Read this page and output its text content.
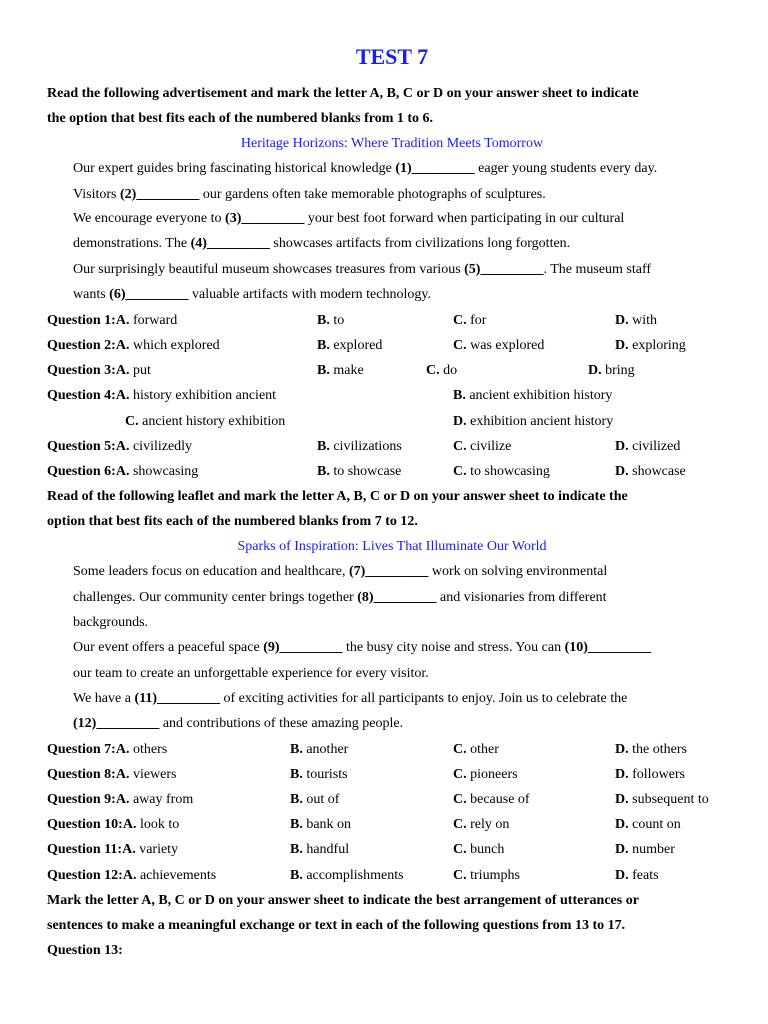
TEST 7
Read the following advertisement and mark the letter A, B, C or D on your answer sheet to indicate
the option that best fits each of the numbered blanks from 1 to 6.
Heritage Horizons: Where Tradition Meets Tomorrow
Our expert guides bring fascinating historical knowledge (1)_________ eager young students every day.
Visitors (2)_________ our gardens often take memorable photographs of sculptures.
We encourage everyone to (3)_________ your best foot forward when participating in our cultural
demonstrations. The (4)_________ showcases artifacts from civilizations long forgotten.
Our surprisingly beautiful museum showcases treasures from various (5)_________. The museum staff
wants (6)_________ valuable artifacts with modern technology.
Question 1:A. forward	B. to	C. for	D. with
Question 2:A. which explored	B. explored	C. was explored	D. exploring
Question 3:A. put	B. make	C. do	D. bring
Question 4:A. history exhibition ancient	B. ancient exhibition history
C. ancient history exhibition	D. exhibition ancient history
Question 5:A. civilizedly	B. civilizations	C. civilize	D. civilized
Question 6:A. showcasing	B. to showcase	C. to showcasing	D. showcase
Read of the following leaflet and mark the letter A, B, C or D on your answer sheet to indicate the
option that best fits each of the numbered blanks from 7 to 12.
Sparks of Inspiration: Lives That Illuminate Our World
Some leaders focus on education and healthcare, (7)_________ work on solving environmental
challenges. Our community center brings together (8)_________ and visionaries from different
backgrounds.
Our event offers a peaceful space (9)_________ the busy city noise and stress. You can (10)_________
our team to create an unforgettable experience for every visitor.
We have a (11)_________ of exciting activities for all participants to enjoy. Join us to celebrate the
(12)_________ and contributions of these amazing people.
Question 7:A. others	B. another	C. other	D. the others
Question 8:A. viewers	B. tourists	C. pioneers	D. followers
Question 9:A. away from	B. out of	C. because of	D. subsequent to
Question 10:A. look to	B. bank on	C. rely on	D. count on
Question 11:A. variety	B. handful	C. bunch	D. number
Question 12:A. achievements	B. accomplishments	C. triumphs	D. feats
Mark the letter A, B, C or D on your answer sheet to indicate the best arrangement of utterances or
sentences to make a meaningful exchange or text in each of the following questions from 13 to 17.
Question 13:
